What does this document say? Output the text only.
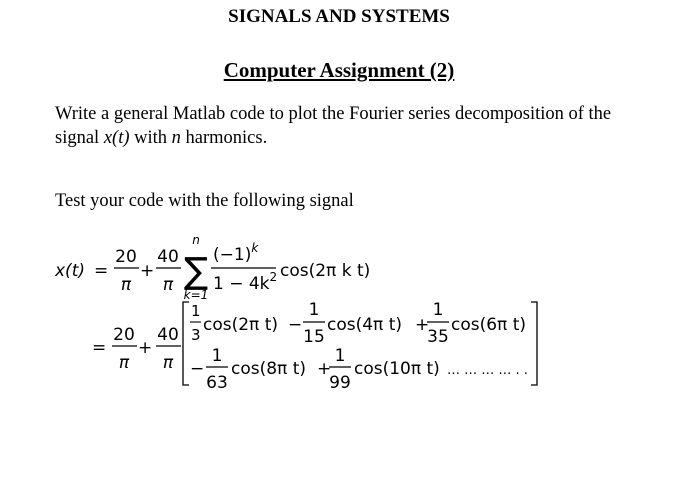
SIGNALS AND SYSTEMS
Computer Assignment (2)
Write a general Matlab code to plot the Fourier series decomposition of the signal x(t) with n harmonics.
Test your code with the following signal
x(t) =
20
π
+
40
π
n
∑
k=1
$(-1)^k$
$1 - 4k^2$ cos(2π k t)
=
20
π
+
40
π
1
3 cos(2π t) −
1
15
cos(4π t) +
1
35
cos(6π t)
−
1
63
cos(8π t) +
1
99
cos(10π t) … … … … . .
